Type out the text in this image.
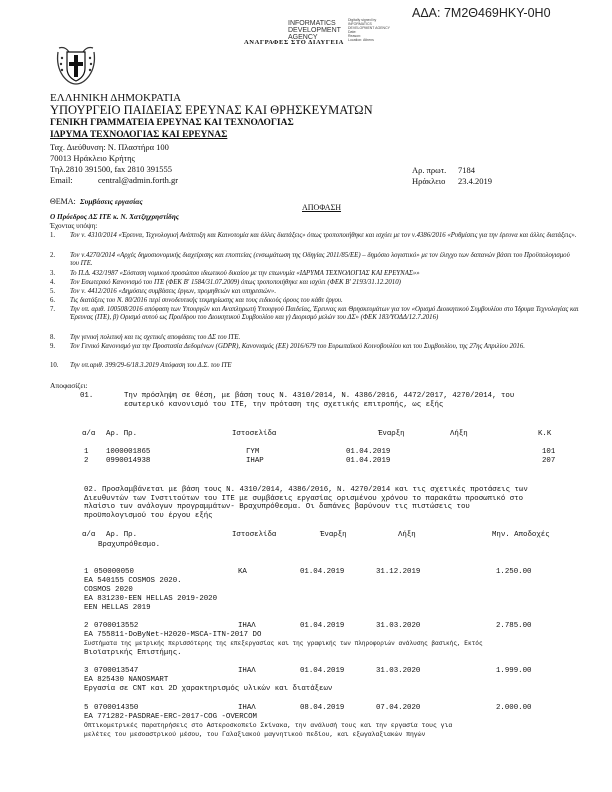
ΑΔΑ: 7Μ2Θ469ΗΚΥ-0Η0
INFORMATICS
DEVELOPMENT
AGENCY
ΑΝΑΓΡΑΦΕΣ ΣΤΟ ΔΙΑΥΓΕΙΑ
Digitally signed by
INFORMATICS
DEVELOPMENT AGENCY
Date:
Reason:
Location: Athens
ΕΛΛΗΝΙΚΗ ΔΗΜΟΚΡΑΤΙΑ
ΥΠΟΥΡΓΕΙΟ ΠΑΙΔΕΙΑΣ ΕΡΕΥΝΑΣ ΚΑΙ ΘΡΗΣΚΕΥΜΑΤΩΝ
ΓΕΝΙΚΗ ΓΡΑΜΜΑΤΕΙΑ ΕΡΕΥΝΑΣ ΚΑΙ ΤΕΧΝΟΛΟΓΙΑΣ
ΙΔΡΥΜΑ ΤΕΧΝΟΛΟΓΙΑΣ ΚΑΙ ΕΡΕΥΝΑΣ
Ταχ. Διεύθυνση: Ν. Πλαστήρα 100
70013 Ηράκλειο Κρήτης
Τηλ.2810 391500, fax 2810 391555
Email:	central@admin.forth.gr
Αρ. πρωτ. 7184
Ηράκλειο 23.4.2019
ΘΕΜΑ: Συμβάσεις εργασίας
ΑΠΟΦΑΣΗ
Ο Πρόεδρος ΔΣ ΙΤΕ κ. Ν. Χατζηχρηστίδης
Έχοντας υπόψη:
1. Τον ν. 4310/2014 «Έρευνα, Τεχνολογική Ανάπτυξη και Καινοτομία και άλλες διατάξεις» όπως τροποποιήθηκε και ισχύει με τον ν.4386/2016 «Ρυθμίσεις για την έρευνα και άλλες διατάξεις».
2. Τον ν.4270/2014 «Αρχές δημοσιονομικής διαχείρισης και εποπτείας (ενσωμάτωση της Οδηγίας 2011/85/ΕΕ) – δημόσιο λογιστικό» με τον έλεγχο των δαπανών βάσει του Προϋπολογισμού του ΙΤΕ.
3. Το Π.Δ. 432/1987 «Σύσταση νομικού προσώπου ιδιωτικού δικαίου με την επωνυμία «ΙΔΡΥΜΑ ΤΕΧΝΟΛΟΓΙΑΣ ΚΑΙ ΕΡΕΥΝΑΣ»»
4. Τον Εσωτερικό Κανονισμό του ΙΤΕ (ΦΕΚ Β' 1584/31.07.2009) όπως τροποποιήθηκε και ισχύει (ΦΕΚ Β' 2193/31.12.2010)
5. Τον ν. 4412/2016 «Δημόσιες συμβάσεις έργων, προμηθειών και υπηρεσιών».
6. Τις διατάξεις του Ν. 80/2016 περί συνοδευτικής τεκμηρίωσης και τους ειδικούς όρους του κάθε έργου.
7. Την υπ. αριθ. 100508/2016 απόφαση των Υπουργών και Αναπληρωτή Υπουργού Παιδείας, Έρευνας και Θρησκευμάτων για τον «Ορισμό Διοικητικού Συμβουλίου στο Ίδρυμα Τεχνολογίας και Έρευνας (ΙΤΕ), β) Ορισμό αυτού ως Προέδρου του Διοικητικού Συμβουλίου και γ) Διορισμό μελών του ΔΣ» (ΦΕΚ 183/ΥΟΔΔ/12.7.2016)
8. Την γενική πολιτική και τις σχετικές αποφάσεις του ΔΣ του ΙΤΕ.
9. Τον Γενικό Κανονισμό για την Προστασία Δεδομένων (GDPR), Κανονισμός (ΕΕ) 2016/679 του Ευρωπαϊκού Κοινοβουλίου και του Συμβουλίου, της 27ης Απριλίου 2016.
10. Την υπ.αριθ. 399/29-6/18.3.2019 Απόφαση του Δ.Σ. του ΙΤΕ
Αποφασίζει:
01.	Την πρόσληψη σε θέση, με βάση τους Ν. 4310/2014, Ν. 4386/2016, 4472/2017, 4270/2014, του εσωτερικό κανονισμό του ΙΤΕ, την πρόταση της σχετικής επιτροπής, ως εξής
α/α Αρ. Πρ.	Ιστοσελίδα	Έναρξη	Λήξη	Κ.Κ
1 1000001865	ΓΥΜ	01.04.2019	101
2 0990014938	ΙΗΑΡ	01.04.2019	207
02. Προσλαμβάνεται με βάση τους Ν. 4310/2014, 4386/2016, Ν. 4270/2014 και τις σχετικές προτάσεις των Διευθυντών των Ινστιτούτων του ΙΤΕ με συμβάσεις εργασίας ορισμένου χρόνου το παρακάτω προσωπικό στο πλαίσιο των ανάλογων προγραμμάτων- Βραχυπρόθεσμα. Οι δαπάνες βαρύνουν τις πιστώσεις του προϋπολογισμού του έργου εξής
α/α Αρ. Πρ.	Ιστοσελίδα	Έναρξη	Λήξη	Μην. Αποδοχές
Βραχυπρόθεσμο.
1 050000050	ΚΑ	01.04.2019	31.12.2019	1.250.00
ΕΑ 540155 COSMOS 2020.
COSMOS 2020
ΕΑ 831230-EEN HELLAS 2019-2020
EEN HELLAS 2019
2 0700013552	ΙΗΑΛ	01.04.2019	31.03.2020	2.785.00
ΕΑ 755811-DoByNet-H2020-MSCA-ITN-2017 DO
Συστήματα της μετρικής περισσότερης της επεξεργασίας και της γραφικής των πληροφοριών ανάλυσης βασικής, Εκτός
Βιοϊατρικής Επιστήμης.
3 0700013547	ΙΗΑΛ	01.04.2019	31.03.2020	1.999.00
ΕΑ 825430 NANOSMART
Εργασία σε CNT και 2D χαρακτηρισμός υλικών και διατάξεων
5 0700014350	ΙΗΑΛ	08.04.2019	07.04.2020	2.000.00
ΕΑ 771282-PASDRAE-ERC-2017-COG -OVERCOM
Οπτικομετρικές παρατηρήσεις στο Αστεροσκοπείο Σκίνακα, την ανάλυσή τους και την εργασία τους για
μελέτες του μεσοαστρικού μέσου, του Γαλαξιακού μαγνητικού πεδίου, και εξωγαλαξιακών πηγών
